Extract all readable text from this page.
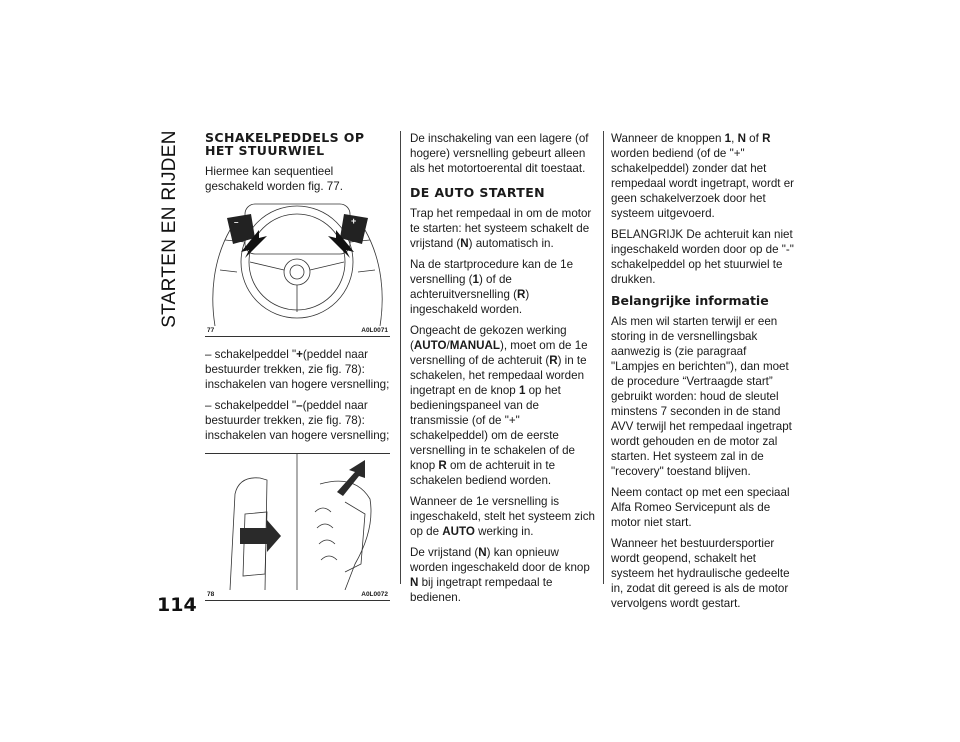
STARTEN EN RIJDEN
114
SCHAKELPEDDELS OP HET STUURWIEL

Hiermee kan sequentieel geschakeld worden fig. 77.

–	+
77	A0L0071

– schakelpeddel "+(peddel naar bestuurder trekken, zie fig. 78): inschakelen van hogere versnelling;

– schakelpeddel "–(peddel naar bestuurder trekken, zie fig. 78): inschakelen van hogere versnelling;

78	A0L0072

De inschakeling van een lagere (of hogere) versnelling gebeurt alleen als het motortoerental dit toestaat.

DE AUTO STARTEN

Trap het rempedaal in om de motor te starten: het systeem schakelt de vrijstand (N) automatisch in.

Na de startprocedure kan de 1e versnelling (1) of de achteruitversnelling (R) ingeschakeld worden.

Ongeacht de gekozen werking (AUTO/MANUAL), moet om de 1e versnelling of de achteruit (R) in te schakelen, het rempedaal worden ingetrapt en de knop 1 op het bedieningspaneel van de transmissie (of de "+" schakelpeddel) om de eerste versnelling in te schakelen of de knop R om de achteruit in te schakelen bediend worden.

Wanneer de 1e versnelling is ingeschakeld, stelt het systeem zich op de AUTO werking in.

De vrijstand (N) kan opnieuw worden ingeschakeld door de knop N bij ingetrapt rempedaal te bedienen.

Wanneer de knoppen 1, N of R worden bediend (of de "+" schakelpeddel) zonder dat het rempedaal wordt ingetrapt, wordt er geen schakelverzoek door het systeem uitgevoerd.

BELANGRIJK De achteruit kan niet ingeschakeld worden door op de "-" schakelpeddel op het stuurwiel te drukken.

Belangrijke informatie

Als men wil starten terwijl er een storing in de versnellingsbak aanwezig is (zie paragraaf "Lampjes en berichten"), dan moet de procedure “Vertraagde start” gebruikt worden: houd de sleutel minstens 7 seconden in de stand AVV terwijl het rempedaal ingetrapt wordt gehouden en de motor zal starten. Het systeem zal in de "recovery" toestand blijven.

Neem contact op met een speciaal Alfa Romeo Servicepunt als de motor niet start.

Wanneer het bestuurdersportier wordt geopend, schakelt het systeem het hydraulische gedeelte in, zodat dit gereed is als de motor vervolgens wordt gestart.
